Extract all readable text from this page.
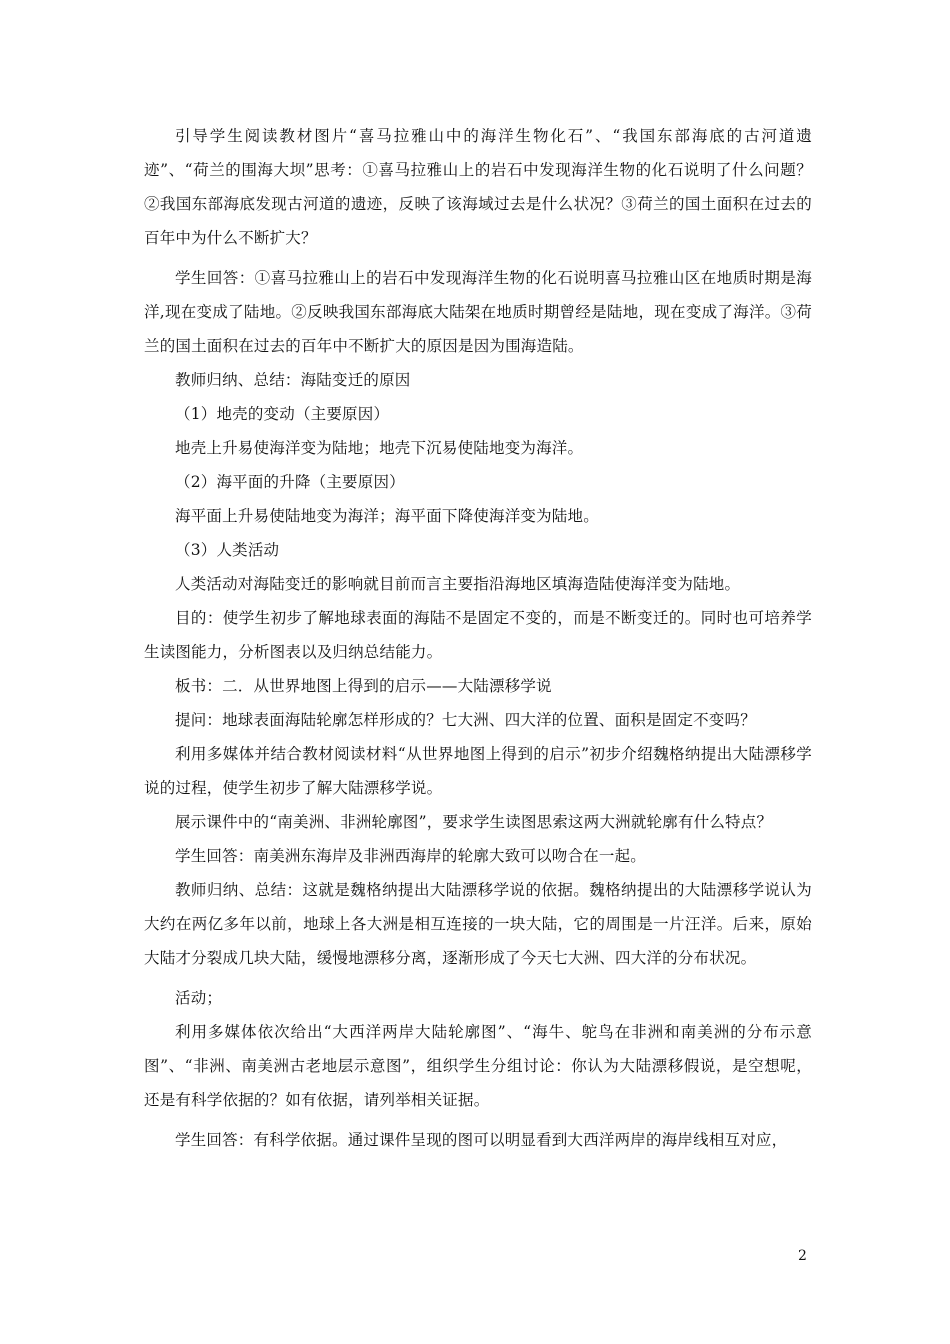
引导学生阅读教材图片“喜马拉雅山中的海洋生物化石”、“我国东部海底的古河道遗迹”、“荷兰的围海大坝”思考：①喜马拉雅山上的岩石中发现海洋生物的化石说明了什么问题？②我国东部海底发现古河道的遗迹，反映了该海域过去是什么状况？③荷兰的国土面积在过去的百年中为什么不断扩大？

学生回答：①喜马拉雅山上的岩石中发现海洋生物的化石说明喜马拉雅山区在地质时期是海洋,现在变成了陆地。②反映我国东部海底大陆架在地质时期曾经是陆地，现在变成了海洋。③荷兰的国土面积在过去的百年中不断扩大的原因是因为围海造陆。

教师归纳、总结：海陆变迁的原因

（1）地壳的变动（主要原因）

地壳上升易使海洋变为陆地；地壳下沉易使陆地变为海洋。

（2）海平面的升降（主要原因）

海平面上升易使陆地变为海洋；海平面下降使海洋变为陆地。

（3）人类活动

人类活动对海陆变迁的影响就目前而言主要指沿海地区填海造陆使海洋变为陆地。

目的：使学生初步了解地球表面的海陆不是固定不变的，而是不断变迁的。同时也可培养学生读图能力，分析图表以及归纳总结能力。

板书：二．从世界地图上得到的启示——大陆漂移学说

提问：地球表面海陆轮廓怎样形成的？七大洲、四大洋的位置、面积是固定不变吗？

利用多媒体并结合教材阅读材料“从世界地图上得到的启示”初步介绍魏格纳提出大陆漂移学说的过程，使学生初步了解大陆漂移学说。

展示课件中的“南美洲、非洲轮廓图”，要求学生读图思索这两大洲就轮廓有什么特点？

学生回答：南美洲东海岸及非洲西海岸的轮廓大致可以吻合在一起。

教师归纳、总结：这就是魏格纳提出大陆漂移学说的依据。魏格纳提出的大陆漂移学说认为大约在两亿多年以前，地球上各大洲是相互连接的一块大陆，它的周围是一片汪洋。后来，原始大陆才分裂成几块大陆，缓慢地漂移分离，逐渐形成了今天七大洲、四大洋的分布状况。

活动；

利用多媒体依次给出“大西洋两岸大陆轮廓图”、“海牛、鸵鸟在非洲和南美洲的分布示意图”、“非洲、南美洲古老地层示意图”，组织学生分组讨论：你认为大陆漂移假说，是空想呢，还是有科学依据的？如有依据，请列举相关证据。

学生回答：有科学依据。通过课件呈现的图可以明显看到大西洋两岸的海岸线相互对应，

2
